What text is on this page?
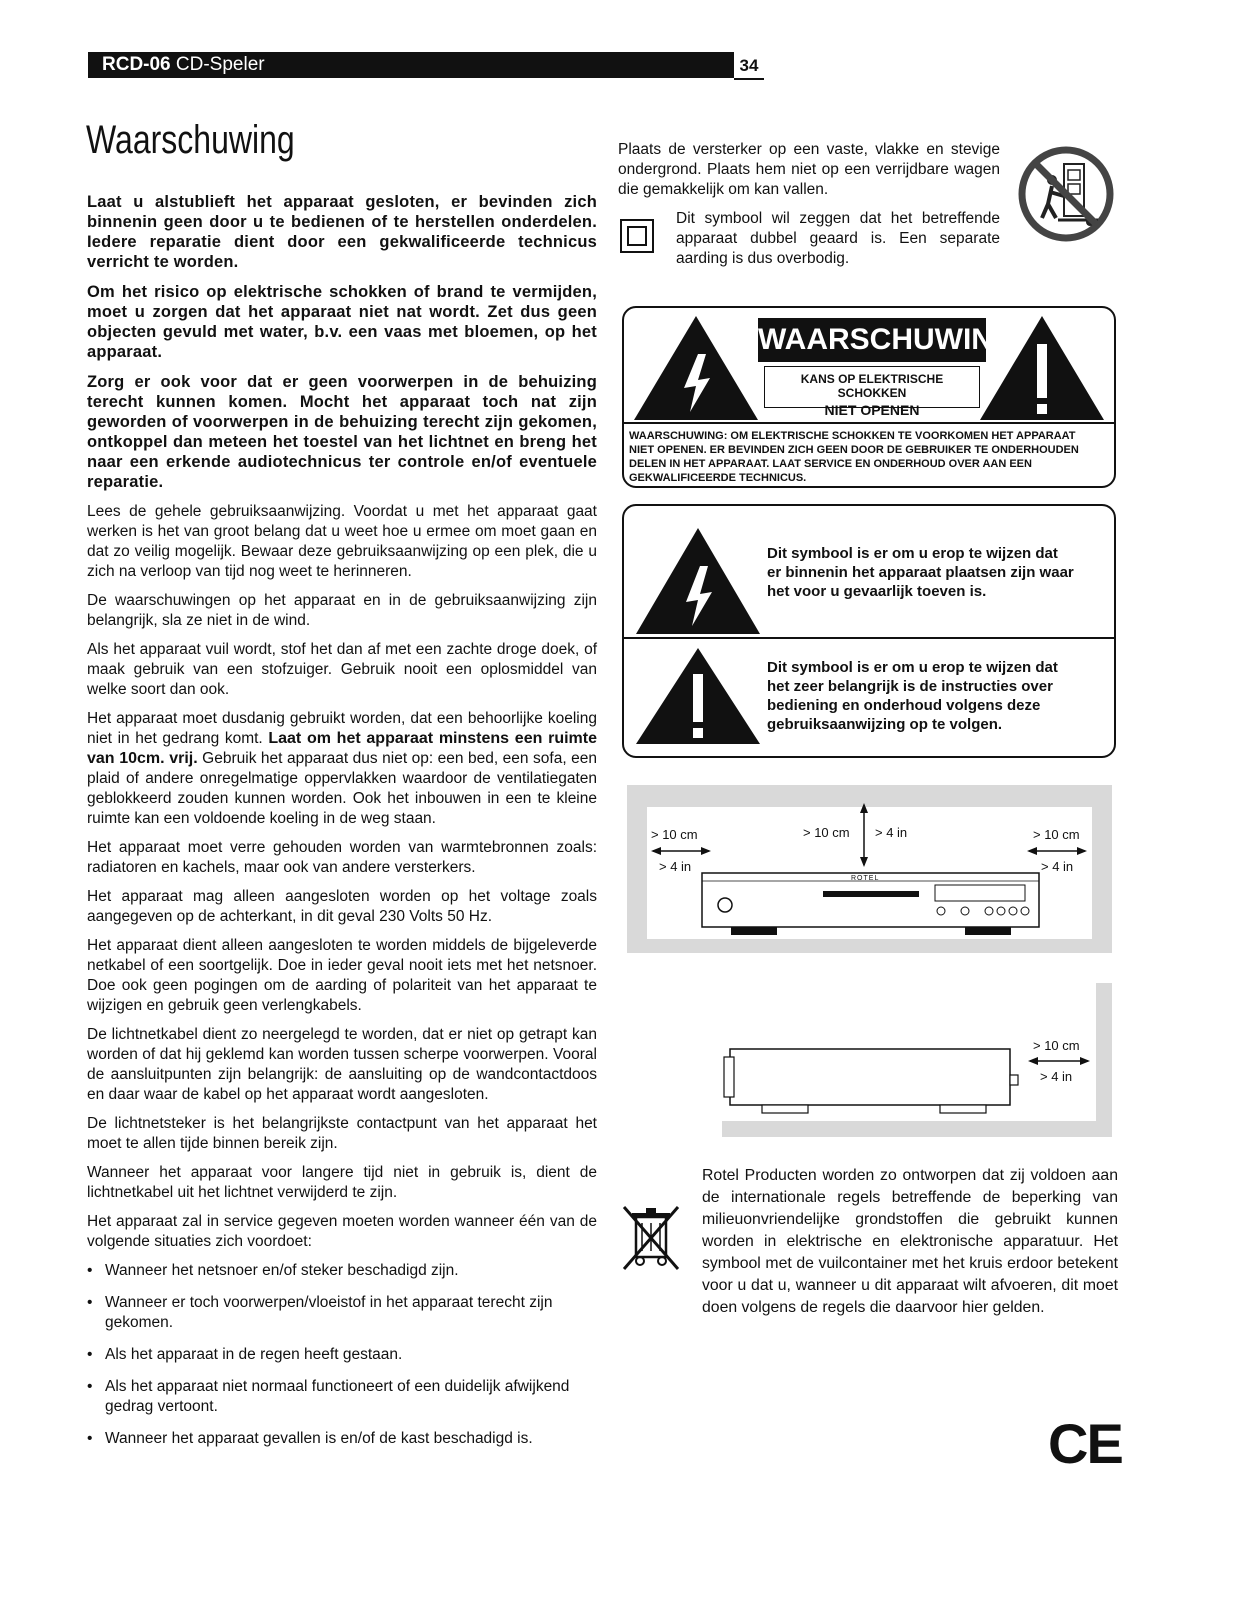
RCD-06 CD-Speler	34
Waarschuwing

Laat u alstublieft het apparaat gesloten, er bevinden zich binnenin geen door u te bedienen of te herstellen onderdelen. Iedere reparatie dient door een gekwalificeerde technicus verricht te worden.

Om het risico op elektrische schokken of brand te vermijden, moet u zorgen dat het apparaat niet nat wordt. Zet dus geen objecten gevuld met water, b.v. een vaas met bloemen, op het apparaat.

Zorg er ook voor dat er geen voorwerpen in de behuizing terecht kunnen komen. Mocht het apparaat toch nat zijn geworden of voorwerpen in de behuizing terecht zijn gekomen, ontkoppel dan meteen het toestel van het lichtnet en breng het naar een erkende audiotechnicus ter controle en/of eventuele reparatie.

Lees de gehele gebruiksaanwijzing. Voordat u met het apparaat gaat werken is het van groot belang dat u weet hoe u ermee om moet gaan en dat zo veilig mogelijk. Bewaar deze gebruiksaanwijzing op een plek, die u zich na verloop van tijd nog weet te herinneren.

De waarschuwingen op het apparaat en in de gebruiksaanwijzing zijn belangrijk, sla ze niet in de wind.

Als het apparaat vuil wordt, stof het dan af met een zachte droge doek, of maak gebruik van een stofzuiger. Gebruik nooit een oplosmiddel van welke soort dan ook.

Het apparaat moet dusdanig gebruikt worden, dat een behoorlijke koeling niet in het gedrang komt. Laat om het apparaat minstens een ruimte van 10cm. vrij. Gebruik het apparaat dus niet op: een bed, een sofa, een plaid of andere onregelmatige oppervlakken waardoor de ventilatiegaten geblokkeerd zouden kunnen worden. Ook het inbouwen in een te kleine ruimte kan een voldoende koeling in de weg staan.

Het apparaat moet verre gehouden worden van warmtebronnen zoals: radiatoren en kachels, maar ook van andere versterkers.

Het apparaat mag alleen aangesloten worden op het voltage zoals aangegeven op de achterkant, in dit geval 230 Volts 50 Hz.

Het apparaat dient alleen aangesloten te worden middels de bijgeleverde netkabel of een soortgelijk. Doe in ieder geval nooit iets met het netsnoer. Doe ook geen pogingen om de aarding of polariteit van het apparaat te wijzigen en gebruik geen verlengkabels.

De lichtnetkabel dient zo neergelegd te worden, dat er niet op getrapt kan worden of dat hij geklemd kan worden tussen scherpe voorwerpen. Vooral de aansluitpunten zijn belangrijk: de aansluiting op de wandcontactdoos en daar waar de kabel op het apparaat wordt aangesloten.

De lichtnetsteker is het belangrijkste contactpunt van het apparaat het moet te allen tijde binnen bereik zijn.

Wanneer het apparaat voor langere tijd niet in gebruik is, dient de lichtnetkabel uit het lichtnet verwijderd te zijn.

Het apparaat zal in service gegeven moeten worden wanneer één van de volgende situaties zich voordoet:

• Wanneer het netsnoer en/of steker beschadigd zijn.
• Wanneer er toch voorwerpen/vloeistof in het apparaat terecht zijn gekomen.
• Als het apparaat in de regen heeft gestaan.
• Als het apparaat niet normaal functioneert of een duidelijk afwijkend gedrag vertoont.
• Wanneer het apparaat gevallen is en/of de kast beschadigd is.
Plaats de versterker op een vaste, vlakke en stevige ondergrond. Plaats hem niet op een verrijdbare wagen die gemakkelijk om kan vallen.
Dit symbool wil zeggen dat het betreffende apparaat dubbel geaard is. Een separate aarding is dus overbodig.
WAARSCHUWING
KANS OP ELEKTRISCHE SCHOKKEN
NIET OPENEN
WAARSCHUWING: OM ELEKTRISCHE SCHOKKEN TE VOORKOMEN HET APPARAAT
NIET OPENEN. ER BEVINDEN ZICH GEEN DOOR DE GEBRUIKER TE ONDERHOUDEN
DELEN IN HET APPARAAT. LAAT SERVICE EN ONDERHOUD OVER AAN EEN
GEKWALIFICEERDE TECHNICUS.
Dit symbool is er om u erop te wijzen dat
er binnenin het apparaat plaatsen zijn waar
het voor u gevaarlijk toeven is.
Dit symbool is er om u erop te wijzen dat
het zeer belangrijk is de instructies over
bediening en onderhoud volgens deze
gebruiksaanwijzing op te volgen.
> 10 cm
> 4 in
> 10 cm > 4 in	> 10 cm
> 4 in
ROTEL
> 10 cm
> 4 in
Rotel Producten worden zo ontworpen dat zij voldoen aan de internationale regels betreffende de beperking van milieuonvriendelijke grondstoffen die gebruikt kunnen worden in elektrische en elektronische apparatuur. Het symbool met de vuilcontainer met het kruis erdoor betekent voor u dat u, wanneer u dit apparaat wilt afvoeren, dit moet doen volgens de regels die daarvoor hier gelden.
CE
